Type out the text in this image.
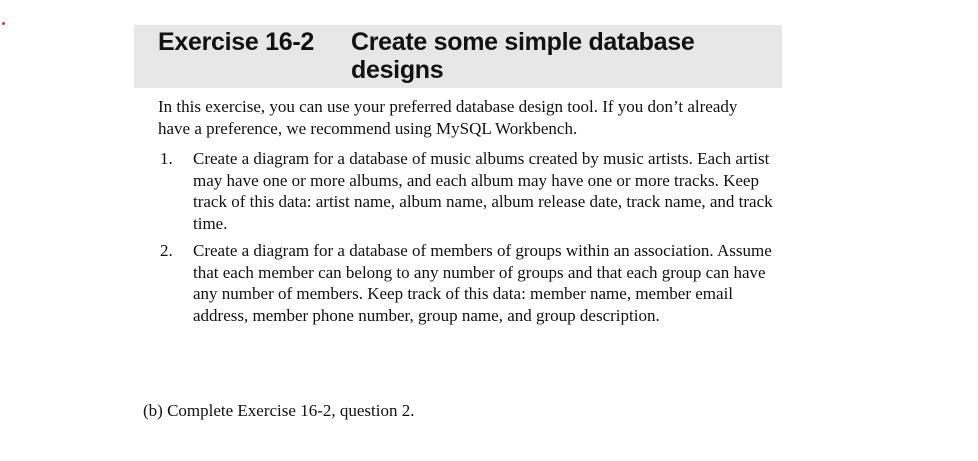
Exercise 16-2 Create some simple database designs

In this exercise, you can use your preferred database design tool. If you don’t already have a preference, we recommend using MySQL Workbench.

1. Create a diagram for a database of music albums created by music artists. Each artist may have one or more albums, and each album may have one or more tracks. Keep track of this data: artist name, album name, album release date, track name, and track time.
2. Create a diagram for a database of members of groups within an association. Assume that each member can belong to any number of groups and that each group can have any number of members. Keep track of this data: member name, member email address, member phone number, group name, and group description.

(b) Complete Exercise 16-2, question 2.
